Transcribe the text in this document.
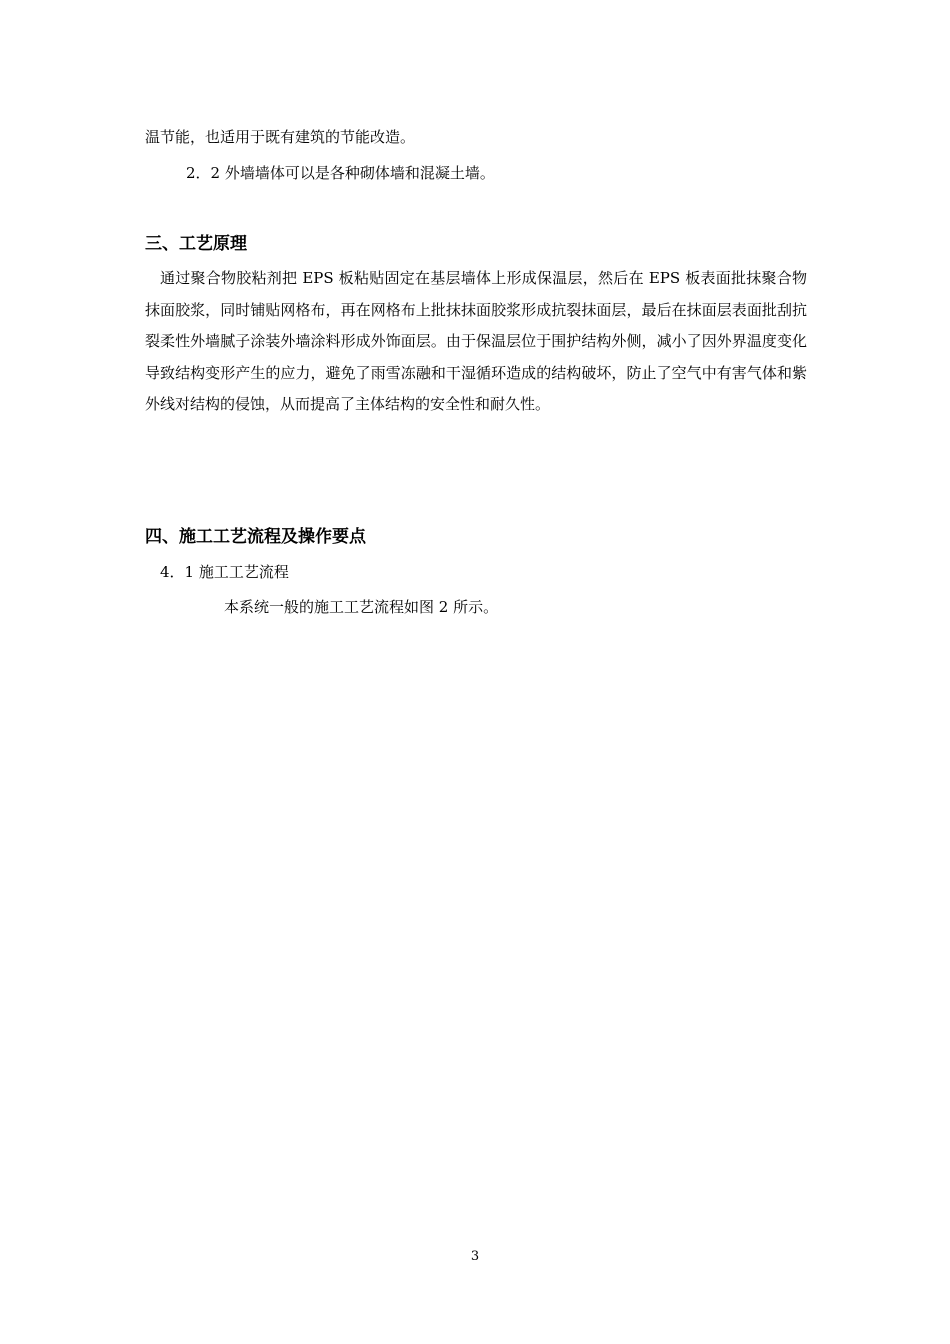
温节能，也适用于既有建筑的节能改造。
2．2 外墙墙体可以是各种砌体墙和混凝土墙。
三、工艺原理
通过聚合物胶粘剂把 EPS 板粘贴固定在基层墙体上形成保温层，然后在 EPS 板表面批抹聚合物抹面胶浆，同时铺贴网格布，再在网格布上批抹抹面胶浆形成抗裂抹面层，最后在抹面层表面批刮抗裂柔性外墙腻子涂装外墙涂料形成外饰面层。由于保温层位于围护结构外侧，减小了因外界温度变化导致结构变形产生的应力，避免了雨雪冻融和干湿循环造成的结构破坏，防止了空气中有害气体和紫外线对结构的侵蚀，从而提高了主体结构的安全性和耐久性。
四、施工工艺流程及操作要点
4．1 施工工艺流程
本系统一般的施工工艺流程如图 2 所示。
3
